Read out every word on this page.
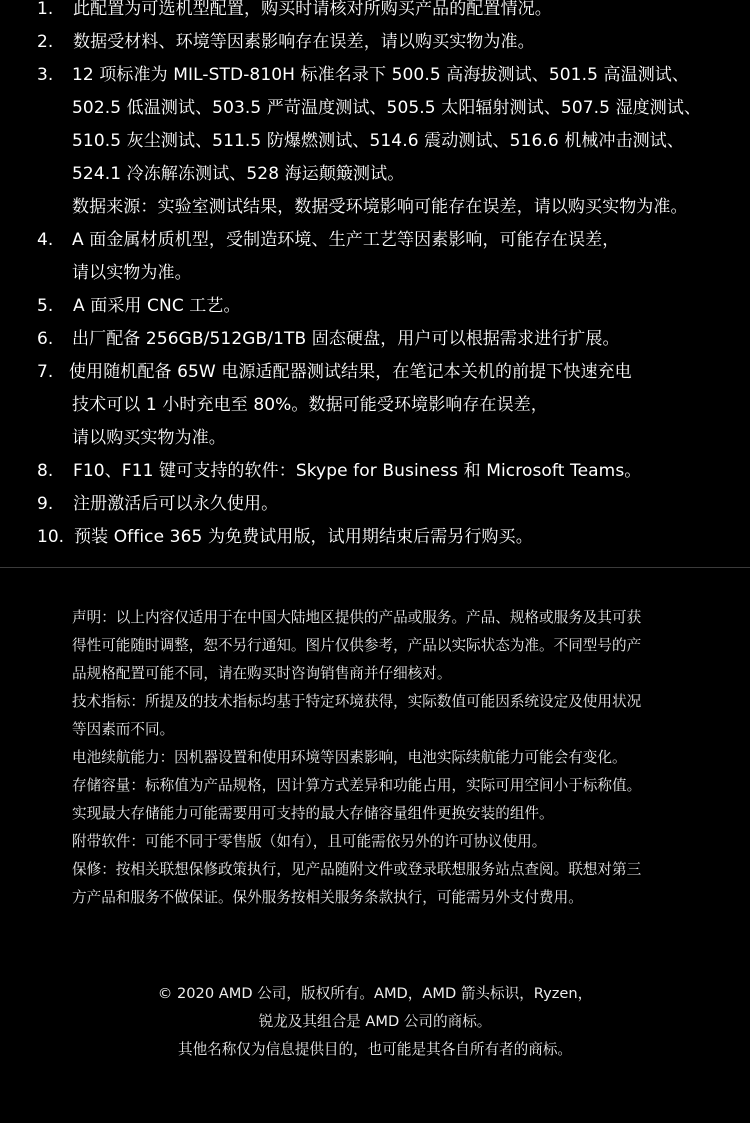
1. 此配置为可选机型配置，购买时请核对所购买产品的配置情况。
2. 数据受材料、环境等因素影响存在误差，请以购买实物为准。
3. 12 项标准为 MIL-STD-810H 标准名录下 500.5 高海拔测试、501.5 高温测试、
502.5 低温测试、503.5 严苛温度测试、505.5 太阳辐射测试、507.5 湿度测试、
510.5 灰尘测试、511.5 防爆燃测试、514.6 震动测试、516.6 机械冲击测试、
524.1 冷冻解冻测试、528 海运颠簸测试。
数据来源：实验室测试结果，数据受环境影响可能存在误差，请以购买实物为准。
4. A 面金属材质机型，受制造环境、生产工艺等因素影响，可能存在误差，
请以实物为准。
5. A 面采用 CNC 工艺。
6. 出厂配备 256GB/512GB/1TB 固态硬盘，用户可以根据需求进行扩展。
7. 使用随机配备 65W 电源适配器测试结果，在笔记本关机的前提下快速充电
技术可以 1 小时充电至 80%。数据可能受环境影响存在误差，
请以购买实物为准。
8. F10、F11 键可支持的软件：Skype for Business 和 Microsoft Teams。
9. 注册激活后可以永久使用。
10. 预装 Office 365 为免费试用版，试用期结束后需另行购买。
声明：以上内容仅适用于在中国大陆地区提供的产品或服务。产品、规格或服务及其可获
得性可能随时调整，恕不另行通知。图片仅供参考，产品以实际状态为准。不同型号的产
品规格配置可能不同，请在购买时咨询销售商并仔细核对。
技术指标：所提及的技术指标均基于特定环境获得，实际数值可能因系统设定及使用状况
等因素而不同。
电池续航能力：因机器设置和使用环境等因素影响，电池实际续航能力可能会有变化。
存储容量：标称值为产品规格，因计算方式差异和功能占用，实际可用空间小于标称值。
实现最大存储能力可能需要用可支持的最大存储容量组件更换安装的组件。
附带软件：可能不同于零售版（如有），且可能需依另外的许可协议使用。
保修：按相关联想保修政策执行，见产品随附文件或登录联想服务站点查阅。联想对第三
方产品和服务不做保证。保外服务按相关服务条款执行，可能需另外支付费用。
© 2020 AMD 公司，版权所有。AMD，AMD 箭头标识，Ryzen，
锐龙及其组合是 AMD 公司的商标。
其他名称仅为信息提供目的，也可能是其各自所有者的商标。
